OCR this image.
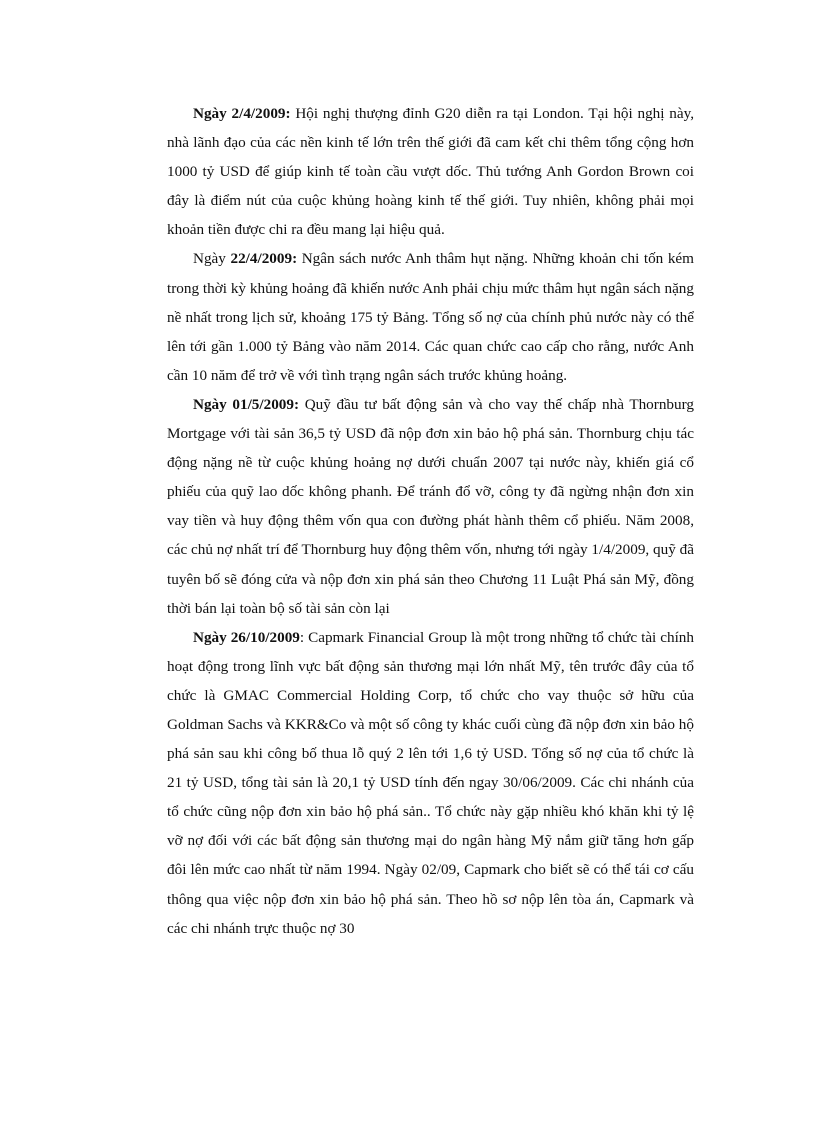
Ngày 2/4/2009: Hội nghị thượng đỉnh G20 diễn ra tại London. Tại hội nghị này, nhà lãnh đạo của các nền kinh tế lớn trên thế giới đã cam kết chi thêm tổng cộng hơn 1000 tỷ USD để giúp kinh tế toàn cầu vượt dốc. Thủ tướng Anh Gordon Brown coi đây là điểm nút của cuộc khủng hoàng kinh tế thế giới. Tuy nhiên, không phải mọi khoản tiền được chi ra đều mang lại hiệu quả.

Ngày 22/4/2009: Ngân sách nước Anh thâm hụt nặng. Những khoản chi tốn kém trong thời kỳ khủng hoảng đã khiến nước Anh phải chịu mức thâm hụt ngân sách nặng nề nhất trong lịch sử, khoảng 175 tỷ Bảng. Tổng số nợ của chính phủ nước này có thể lên tới gần 1.000 tỷ Bảng vào năm 2014. Các quan chức cao cấp cho rằng, nước Anh cần 10 năm để trở về với tình trạng ngân sách trước khủng hoảng.

Ngày 01/5/2009: Quỹ đầu tư bất động sản và cho vay thế chấp nhà Thornburg Mortgage với tài sản 36,5 tỷ USD đã nộp đơn xin bảo hộ phá sản. Thornburg chịu tác động nặng nề từ cuộc khủng hoảng nợ dưới chuẩn 2007 tại nước này, khiến giá cổ phiếu của quỹ lao dốc không phanh. Để tránh đổ vỡ, công ty đã ngừng nhận đơn xin vay tiền và huy động thêm vốn qua con đường phát hành thêm cổ phiếu. Năm 2008, các chủ nợ nhất trí để Thornburg huy động thêm vốn, nhưng tới ngày 1/4/2009, quỹ đã tuyên bố sẽ đóng cửa và nộp đơn xin phá sản theo Chương 11 Luật Phá sản Mỹ, đồng thời bán lại toàn bộ số tài sản còn lại

Ngày 26/10/2009: Capmark Financial Group là một trong những tổ chức tài chính hoạt động trong lĩnh vực bất động sản thương mại lớn nhất Mỹ, tên trước đây của tổ chức là GMAC Commercial Holding Corp, tổ chức cho vay thuộc sở hữu của Goldman Sachs và KKR&Co và một số công ty khác cuối cùng đã nộp đơn xin bảo hộ phá sản sau khi công bố thua lỗ quý 2 lên tới 1,6 tỷ USD. Tổng số nợ của tổ chức là 21 tỷ USD, tổng tài sản là 20,1 tỷ USD tính đến ngay 30/06/2009. Các chi nhánh của tổ chức cũng nộp đơn xin bảo hộ phá sản.. Tổ chức này gặp nhiều khó khăn khi tỷ lệ vỡ nợ đối với các bất động sản thương mại do ngân hàng Mỹ nắm giữ tăng hơn gấp đôi lên mức cao nhất từ năm 1994. Ngày 02/09, Capmark cho biết sẽ có thể tái cơ cấu thông qua việc nộp đơn xin bảo hộ phá sản. Theo hồ sơ nộp lên tòa án, Capmark và các chi nhánh trực thuộc nợ 30
